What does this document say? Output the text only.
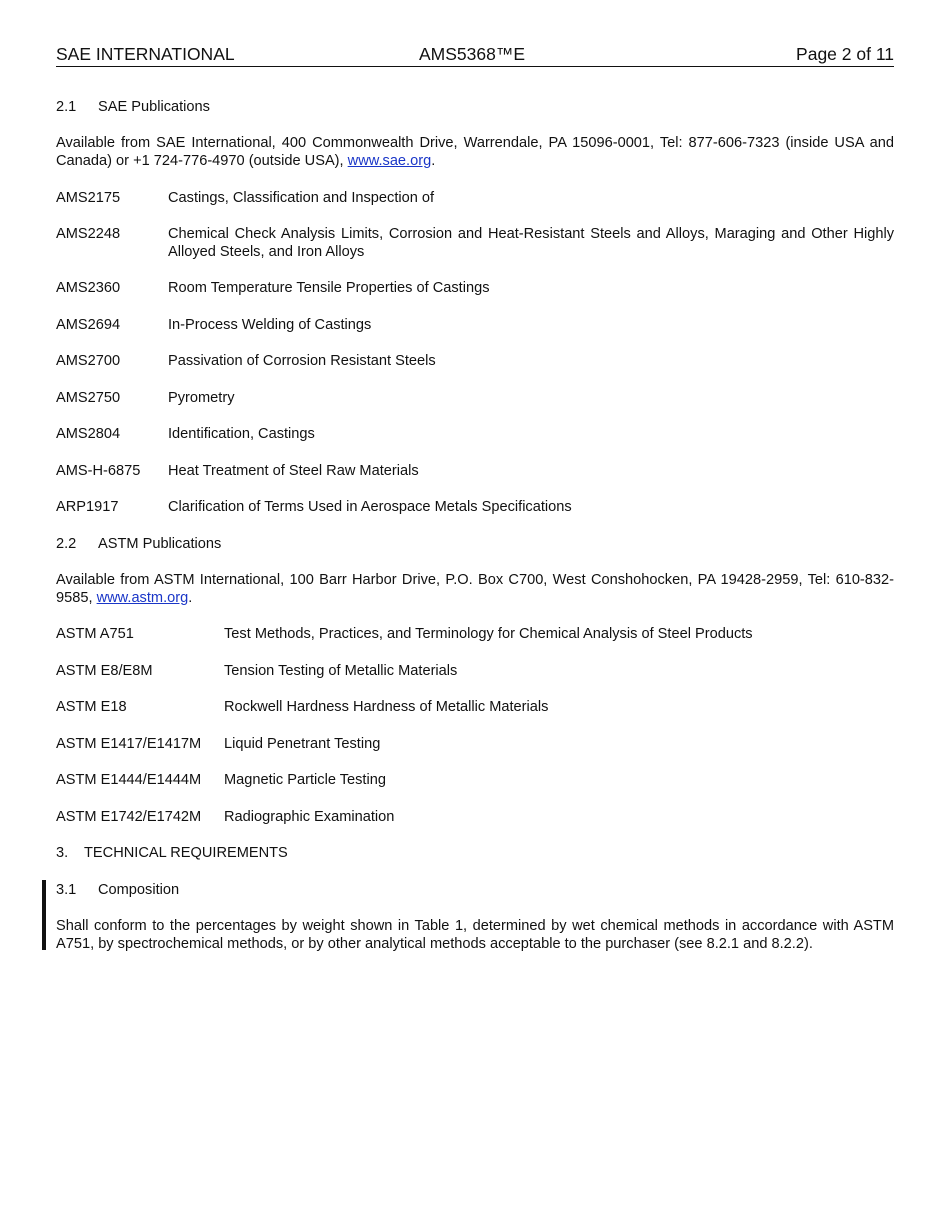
SAE INTERNATIONAL	AMS5368™E	Page 2 of 11
2.1 SAE Publications
Available from SAE International, 400 Commonwealth Drive, Warrendale, PA 15096-0001, Tel: 877-606-7323 (inside USA and Canada) or +1 724-776-4970 (outside USA), www.sae.org.
AMS2175	Castings, Classification and Inspection of
AMS2248	Chemical Check Analysis Limits, Corrosion and Heat-Resistant Steels and Alloys, Maraging and Other Highly Alloyed Steels, and Iron Alloys
AMS2360	Room Temperature Tensile Properties of Castings
AMS2694	In-Process Welding of Castings
AMS2700	Passivation of Corrosion Resistant Steels
AMS2750	Pyrometry
AMS2804	Identification, Castings
AMS-H-6875 Heat Treatment of Steel Raw Materials
ARP1917	Clarification of Terms Used in Aerospace Metals Specifications
2.2 ASTM Publications
Available from ASTM International, 100 Barr Harbor Drive, P.O. Box C700, West Conshohocken, PA 19428-2959, Tel: 610-832-9585, www.astm.org.
ASTM A751	Test Methods, Practices, and Terminology for Chemical Analysis of Steel Products
ASTM E8/E8M	Tension Testing of Metallic Materials
ASTM E18	Rockwell Hardness Hardness of Metallic Materials
ASTM E1417/E1417M Liquid Penetrant Testing
ASTM E1444/E1444M Magnetic Particle Testing
ASTM E1742/E1742M Radiographic Examination
3. TECHNICAL REQUIREMENTS
3.1 Composition
Shall conform to the percentages by weight shown in Table 1, determined by wet chemical methods in accordance with ASTM A751, by spectrochemical methods, or by other analytical methods acceptable to the purchaser (see 8.2.1 and 8.2.2).
